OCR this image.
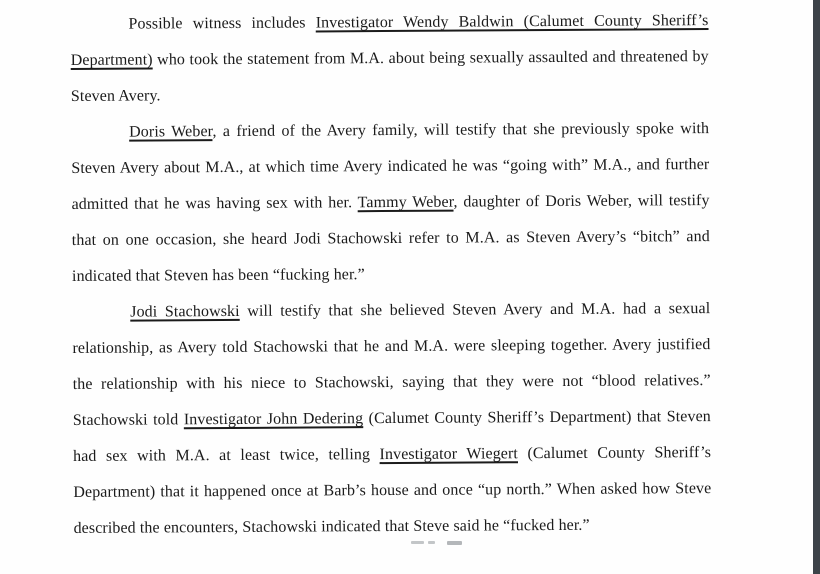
Possible witness includes Investigator Wendy Baldwin (Calumet County Sheriff’s
Department) who took the statement from M.A. about being sexually assaulted and threatened by
Steven Avery.

Doris Weber, a friend of the Avery family, will testify that she previously spoke with
Steven Avery about M.A., at which time Avery indicated he was “going with” M.A., and further
admitted that he was having sex with her. Tammy Weber, daughter of Doris Weber, will testify
that on one occasion, she heard Jodi Stachowski refer to M.A. as Steven Avery’s “bitch” and
indicated that Steven has been “fucking her.”

Jodi Stachowski will testify that she believed Steven Avery and M.A. had a sexual
relationship, as Avery told Stachowski that he and M.A. were sleeping together. Avery justified
the relationship with his niece to Stachowski, saying that they were not “blood relatives.”
Stachowski told Investigator John Dedering (Calumet County Sheriff’s Department) that Steven
had sex with M.A. at least twice, telling Investigator Wiegert (Calumet County Sheriff’s
Department) that it happened once at Barb’s house and once “up north.” When asked how Steve
described the encounters, Stachowski indicated that Steve said he “fucked her.”
